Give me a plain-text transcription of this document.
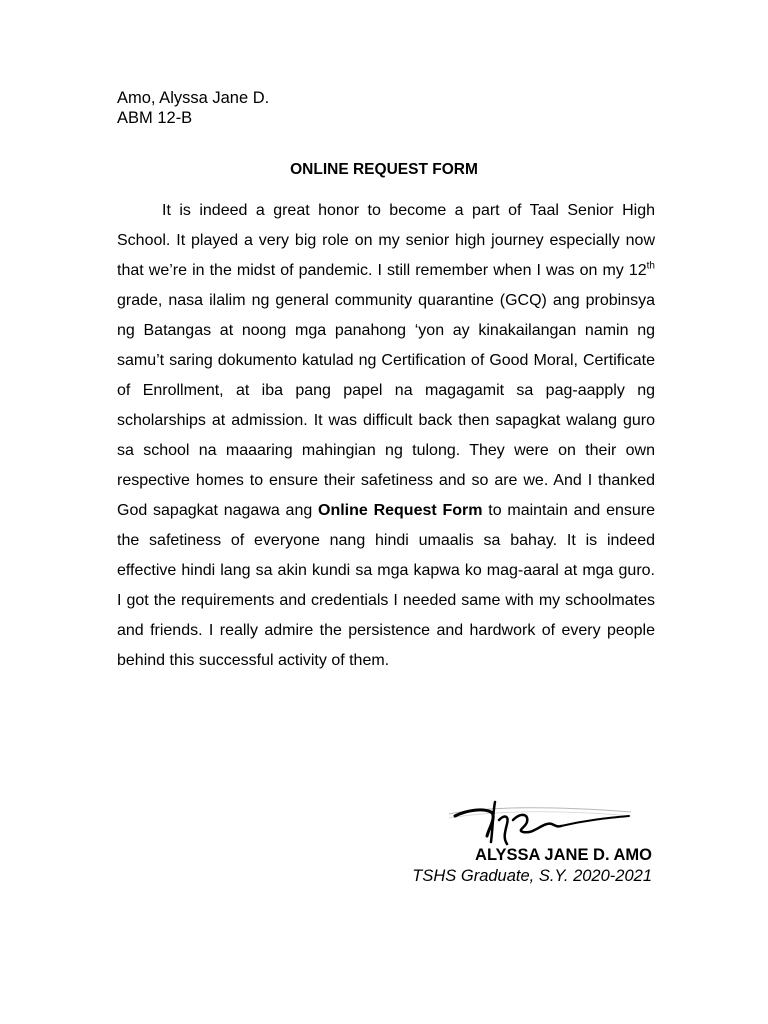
Amo, Alyssa Jane D.
ABM 12-B
ONLINE REQUEST FORM
It is indeed a great honor to become a part of Taal Senior High School. It played a very big role on my senior high journey especially now that we’re in the midst of pandemic. I still remember when I was on my 12th grade, nasa ilalim ng general community quarantine (GCQ) ang probinsya ng Batangas at noong mga panahong ‘yon ay kinakailangan namin ng samu’t saring dokumento katulad ng Certification of Good Moral, Certificate of Enrollment, at iba pang papel na magagamit sa pag-aapply ng scholarships at admission. It was difficult back then sapagkat walang guro sa school na maaaring mahingian ng tulong. They were on their own respective homes to ensure their safetiness and so are we. And I thanked God sapagkat nagawa ang Online Request Form to maintain and ensure the safetiness of everyone nang hindi umaalis sa bahay. It is indeed effective hindi lang sa akin kundi sa mga kapwa ko mag-aaral at mga guro. I got the requirements and credentials I needed same with my schoolmates and friends. I really admire the persistence and hardwork of every people behind this successful activity of them.
ALYSSA JANE D. AMO
TSHS Graduate, S.Y. 2020-2021
